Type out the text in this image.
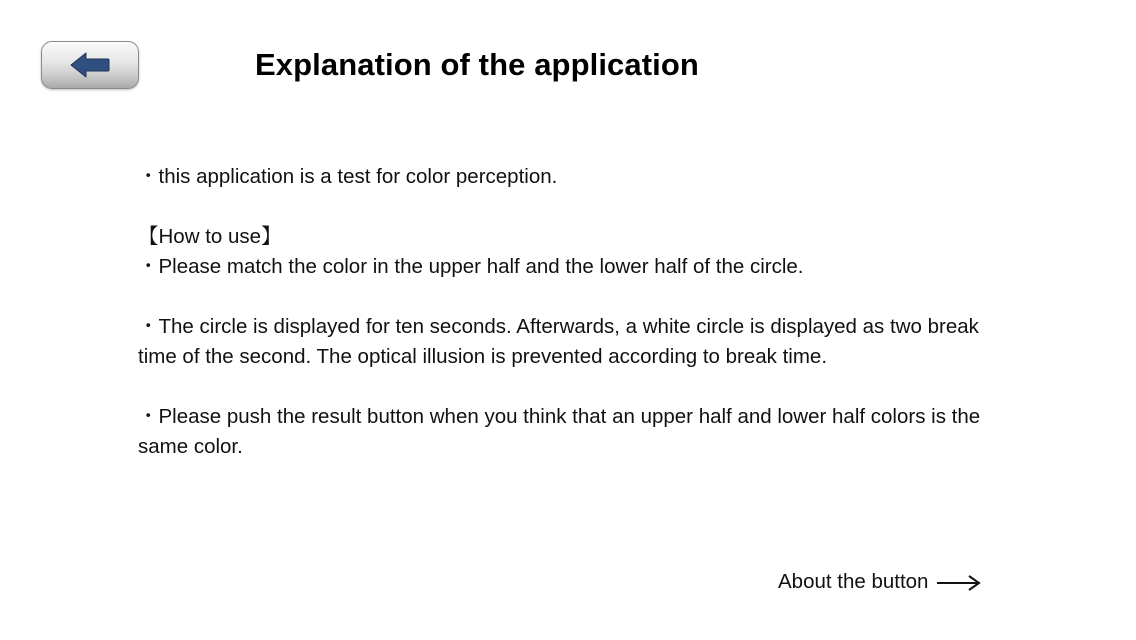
Explanation of the application

・this application is a test for color perception.

【How to use】

・Please match the color in the upper half and the lower half of the circle.

・The circle is displayed for ten seconds. Afterwards, a white circle is displayed as two break time of the second. The optical illusion is prevented according to break time.

・Please push the result button when you think that an upper half and lower half colors is the same color.

About the button
